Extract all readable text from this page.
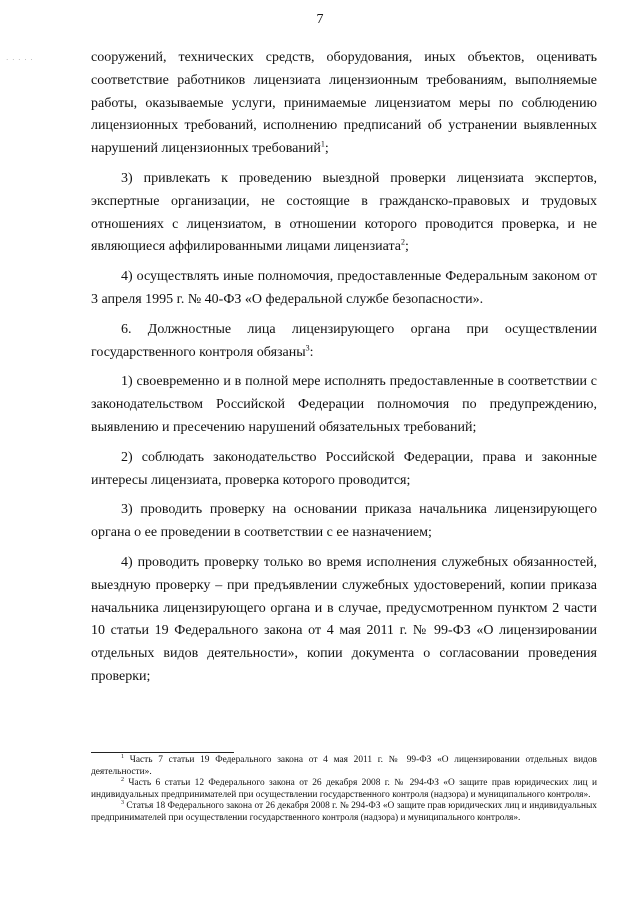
7
· · · · ·	сооружений, технических средств, оборудования, иных объектов, оценивать соответствие работников лицензиата лицензионным требованиям, выполняемые работы, оказываемые услуги, принимаемые лицензиатом меры по соблюдению лицензионных требований, исполнению предписаний об устранении выявленных нарушений лицензионных требований$^1$;

3) привлекать к проведению выездной проверки лицензиата экспертов, экспертные организации, не состоящие в гражданско-правовых и трудовых отношениях с лицензиатом, в отношении которого проводится проверка, и не являющиеся аффилированными лицами лицензиата$^2$;

4) осуществлять иные полномочия, предоставленные Федеральным законом от 3 апреля 1995 г. № 40-ФЗ «О федеральной службе безопасности».

6. Должностные лица лицензирующего органа при осуществлении государственного контроля обязаны$^3$:

1) своевременно и в полной мере исполнять предоставленные в соответствии с законодательством Российской Федерации полномочия по предупреждению, выявлению и пресечению нарушений обязательных требований;

2) соблюдать законодательство Российской Федерации, права и законные интересы лицензиата, проверка которого проводится;

3) проводить проверку на основании приказа начальника лицензирующего органа о ее проведении в соответствии с ее назначением;

4) проводить проверку только во время исполнения служебных обязанностей, выездную проверку – при предъявлении служебных удостоверений, копии приказа начальника лицензирующего органа и в случае, предусмотренном пунктом 2 части 10 статьи 19 Федерального закона от 4 мая 2011 г. № 99-ФЗ «О лицензировании отдельных видов деятельности», копии документа о согласовании проведения проверки;

$^1$ Часть 7 статьи 19 Федерального закона от 4 мая 2011 г. № 99-ФЗ «О лицензировании отдельных видов деятельности».

$^2$ Часть 6 статьи 12 Федерального закона от 26 декабря 2008 г. № 294-ФЗ «О защите прав юридических лиц и индивидуальных предпринимателей при осуществлении государственного контроля (надзора) и муниципального контроля».

$^3$ Статья 18 Федерального закона от 26 декабря 2008 г. № 294-ФЗ «О защите прав юридических лиц и индивидуальных предпринимателей при осуществлении государственного контроля (надзора) и муниципального контроля».
